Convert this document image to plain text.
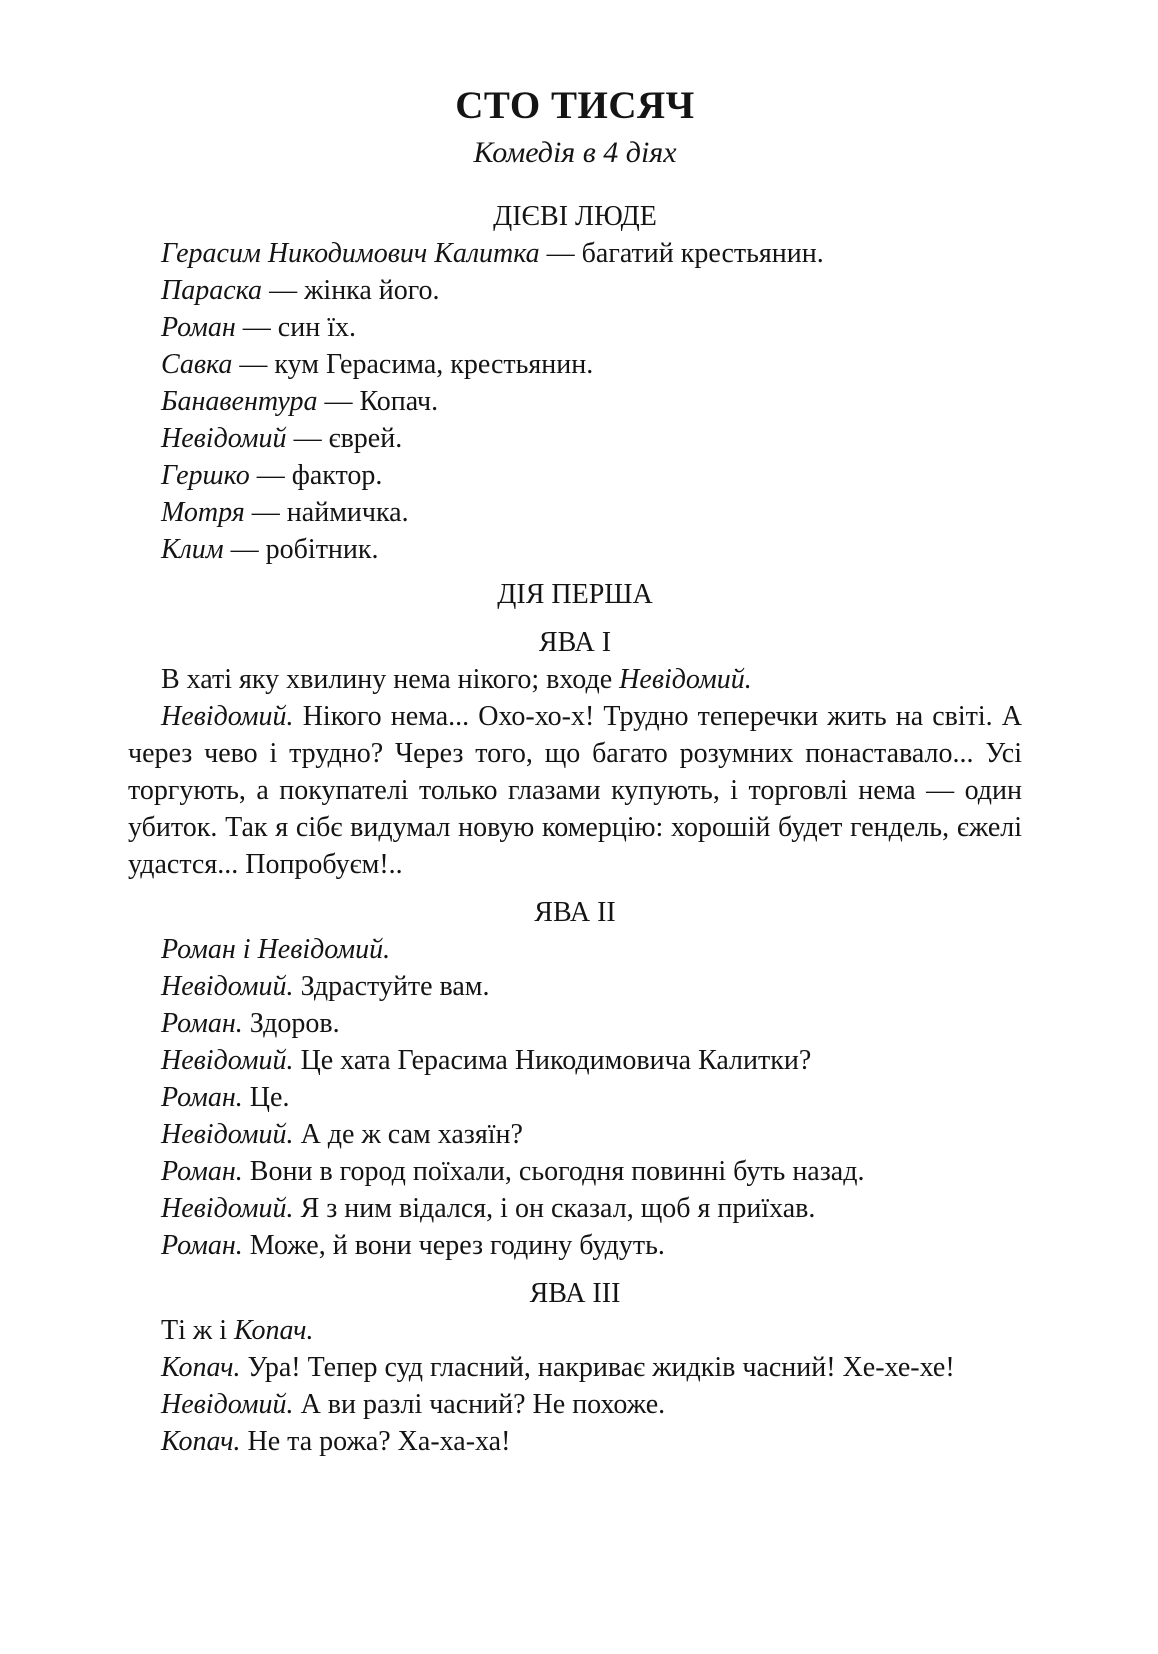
СТО ТИСЯЧ
Комедія в 4 діях
ДІЄВІ ЛЮДЕ

Герасим Никодимович Калитка — багатий крестьянин.

Параска — жінка його.

Роман — син їх.

Савка — кум Герасима, крестьянин.

Банавентура — Копач.

Невідомий — єврей.

Гершко — фактор.

Мотря — наймичка.

Клим — робітник.

ДІЯ ПЕРША
ЯВА I

В хаті яку хвилину нема нікого; входе Невідомий.

Невідомий. Нікого нема... Охо-хо-х! Трудно теперечки жить на світі. А через чево і трудно? Через того, що багато розумних понаставало... Усі торгують, а покупателі только глазами купують, і торговлі нема — один убиток. Так я сібє видумал новую комерцію: хорошій будет гендель, єжелі удастся... Попробуєм!..

ЯВА II

Роман і Невідомий.

Невідомий. Здрастуйте вам.

Роман. Здоров.

Невідомий. Це хата Герасима Никодимовича Калитки?

Роман. Це.

Невідомий. А де ж сам хазяїн?

Роман. Вони в город поїхали, сьогодня повинні буть назад.

Невідомий. Я з ним відался, і он сказал, щоб я приїхав.

Роман. Може, й вони через годину будуть.

ЯВА III

Ті ж і Копач.

Копач. Ура! Тепер суд гласний, накриває жидків часний! Хе-хе-хе!

Невідомий. А ви разлі часний? Не похоже.

Копач. Не та рожа? Ха-ха-ха!
